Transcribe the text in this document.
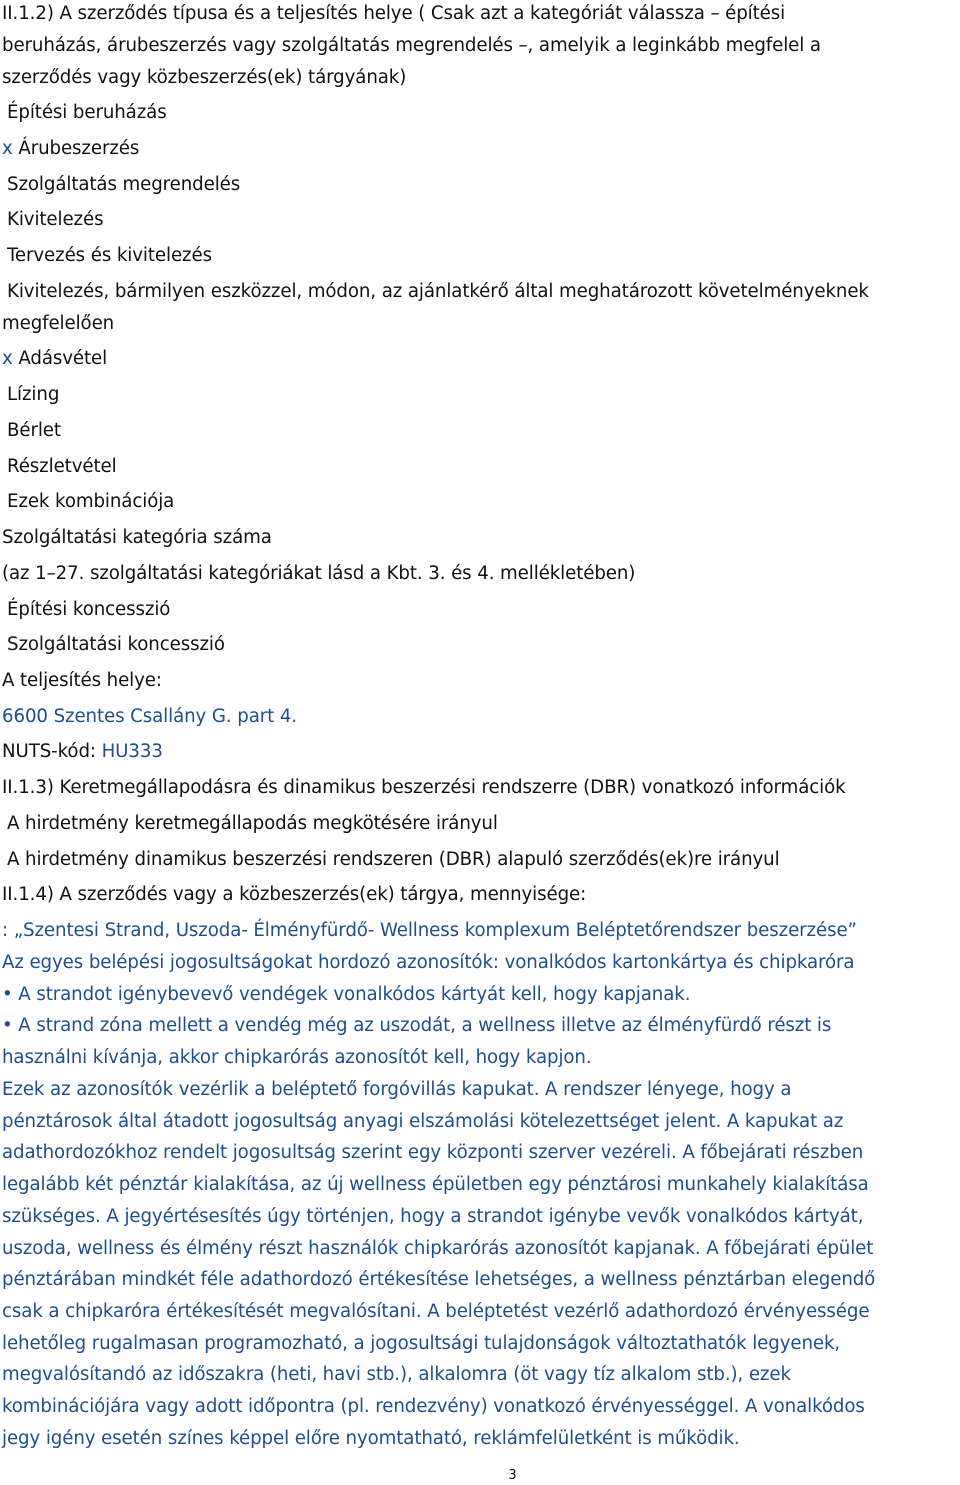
II.1.2) A szerződés típusa és a teljesítés helye ( Csak azt a kategóriát válassza – építési
beruházás, árubeszerzés vagy szolgáltatás megrendelés –, amelyik a leginkább megfelel a
szerződés vagy közbeszerzés(ek) tárgyának)
Építési beruházás
x Árubeszerzés
Szolgáltatás megrendelés
Kivitelezés
Tervezés és kivitelezés
Kivitelezés, bármilyen eszközzel, módon, az ajánlatkérő által meghatározott követelményeknek
megfelelően
x Adásvétel
Lízing
Bérlet
Részletvétel
Ezek kombinációja
Szolgáltatási kategória száma
(az 1–27. szolgáltatási kategóriákat lásd a Kbt. 3. és 4. mellékletében)
Építési koncesszió
Szolgáltatási koncesszió
A teljesítés helye:
6600 Szentes Csallány G. part 4.
NUTS-kód: HU333
II.1.3) Keretmegállapodásra és dinamikus beszerzési rendszerre (DBR) vonatkozó információk
A hirdetmény keretmegállapodás megkötésére irányul
A hirdetmény dinamikus beszerzési rendszeren (DBR) alapuló szerződés(ek)re irányul
II.1.4) A szerződés vagy a közbeszerzés(ek) tárgya, mennyisége:
: „Szentesi Strand, Uszoda- Élményfürdő- Wellness komplexum Beléptetőrendszer beszerzése”
Az egyes belépési jogosultságokat hordozó azonosítók: vonalkódos kartonkártya és chipkaróra
• A strandot igénybevevő vendégek vonalkódos kártyát kell, hogy kapjanak.
• A strand zóna mellett a vendég még az uszodát, a wellness illetve az élményfürdő részt is
használni kívánja, akkor chipkarórás azonosítót kell, hogy kapjon.
Ezek az azonosítók vezérlik a beléptető forgóvillás kapukat. A rendszer lényege, hogy a
pénztárosok által átadott jogosultság anyagi elszámolási kötelezettséget jelent. A kapukat az
adathordozókhoz rendelt jogosultság szerint egy központi szerver vezéreli. A főbejárati részben
legalább két pénztár kialakítása, az új wellness épületben egy pénztárosi munkahely kialakítása
szükséges. A jegyértésesítés úgy történjen, hogy a strandot igénybe vevők vonalkódos kártyát,
uszoda, wellness és élmény részt használók chipkarórás azonosítót kapjanak. A főbejárati épület
pénztárában mindkét féle adathordozó értékesítése lehetséges, a wellness pénztárban elegendő
csak a chipkaróra értékesítését megvalósítani. A beléptetést vezérlő adathordozó érvényessége
lehetőleg rugalmasan programozható, a jogosultsági tulajdonságok változtathatók legyenek,
megvalósítandó az időszakra (heti, havi stb.), alkalomra (öt vagy tíz alkalom stb.), ezek
kombinációjára vagy adott időpontra (pl. rendezvény) vonatkozó érvényességgel. A vonalkódos
jegy igény esetén színes képpel előre nyomtatható, reklámfelületként is működik.
3
